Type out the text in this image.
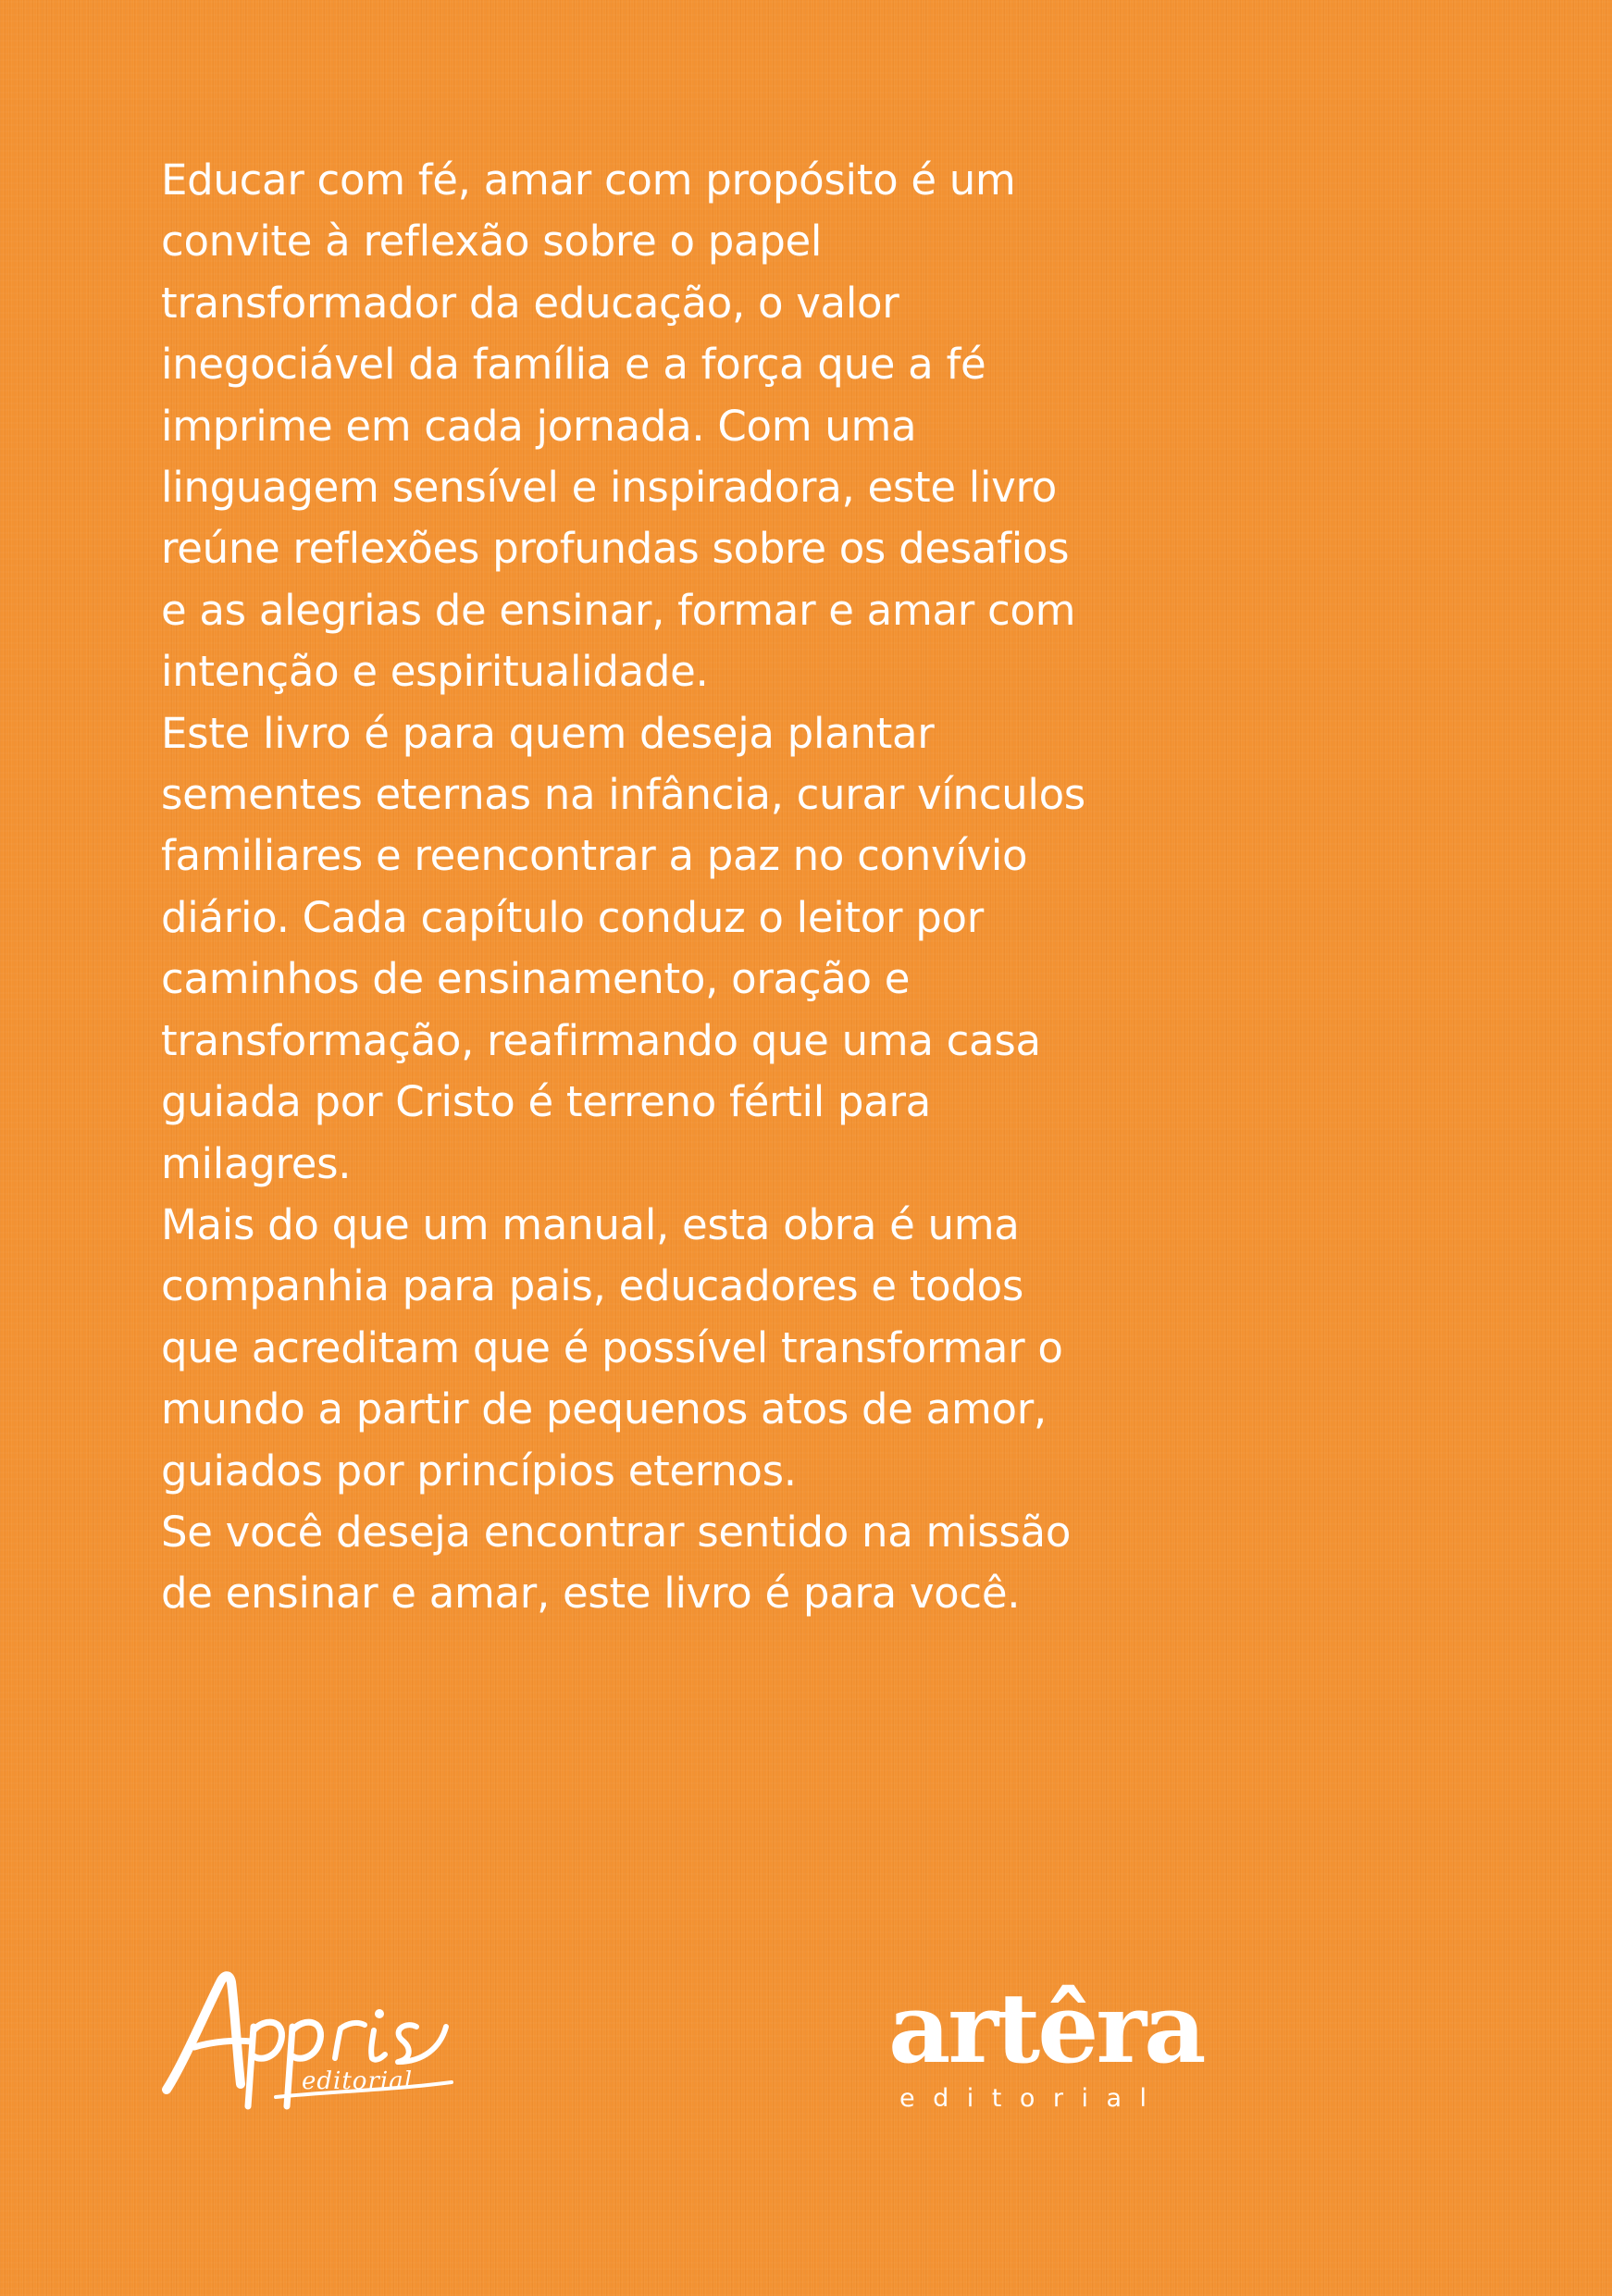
Educar com fé, amar com propósito é um
convite à reflexão sobre o papel
transformador da educação, o valor
inegociável da família e a força que a fé
imprime em cada jornada. Com uma
linguagem sensível e inspiradora, este livro
reúne reflexões profundas sobre os desafios
e as alegrias de ensinar, formar e amar com
intenção e espiritualidade.
Este livro é para quem deseja plantar
sementes eternas na infância, curar vínculos
familiares e reencontrar a paz no convívio
diário. Cada capítulo conduz o leitor por
caminhos de ensinamento, oração e
transformação, reafirmando que uma casa
guiada por Cristo é terreno fértil para
milagres.
Mais do que um manual, esta obra é uma
companhia para pais, educadores e todos
que acreditam que é possível transformar o
mundo a partir de pequenos atos de amor,
guiados por princípios eternos.
Se você deseja encontrar sentido na missão
de ensinar e amar, este livro é para você.
editorial	artêra
editorial
